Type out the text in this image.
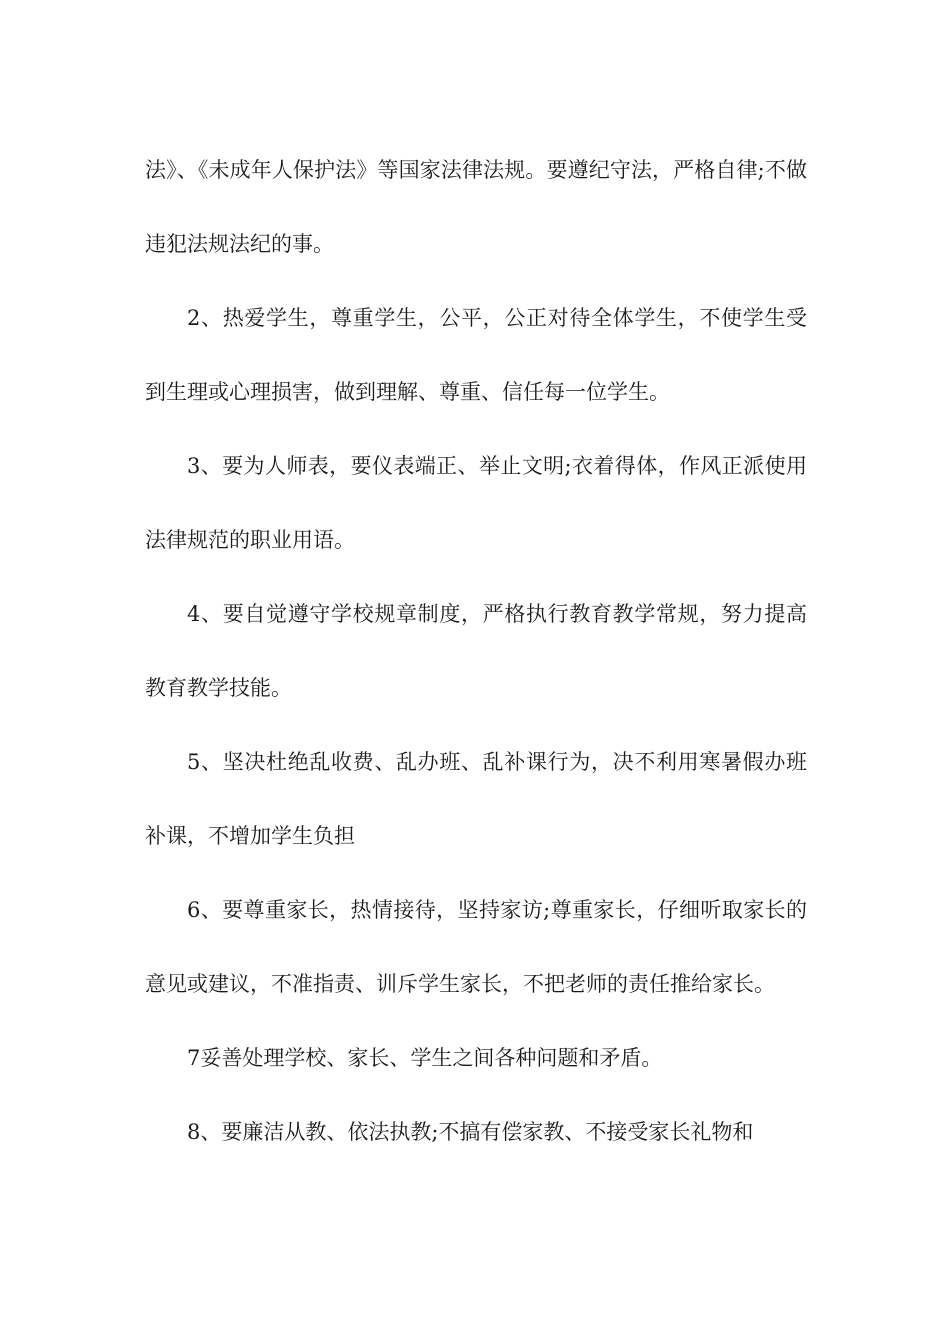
法》、《未成年人保护法》等国家法律法规。要遵纪守法，严格自律;不做违犯法规法纪的事。

2、热爱学生，尊重学生，公平，公正对待全体学生，不使学生受到生理或心理损害，做到理解、尊重、信任每一位学生。

3、要为人师表，要仪表端正、举止文明;衣着得体，作风正派使用法律规范的职业用语。

4、要自觉遵守学校规章制度，严格执行教育教学常规，努力提高教育教学技能。

5、坚决杜绝乱收费、乱办班、乱补课行为，决不利用寒暑假办班补课，不增加学生负担

6、要尊重家长，热情接待，坚持家访;尊重家长，仔细听取家长的意见或建议，不准指责、训斥学生家长，不把老师的责任推给家长。

7妥善处理学校、家长、学生之间各种问题和矛盾。

8、要廉洁从教、依法执教;不搞有偿家教、不接受家长礼物和
